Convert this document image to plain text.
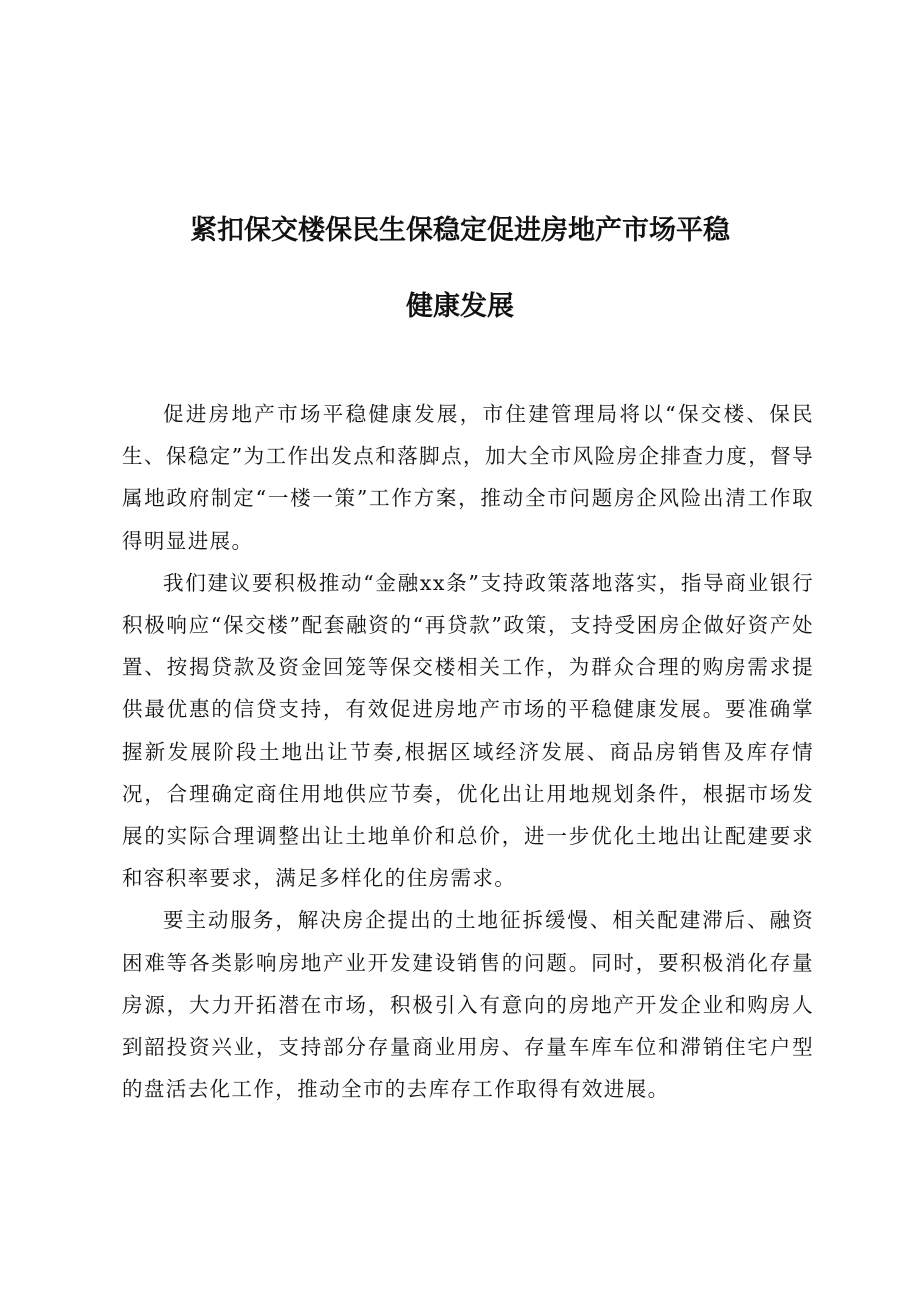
紧扣保交楼保民生保稳定促进房地产市场平稳
健康发展

促进房地产市场平稳健康发展，市住建管理局将以“保交楼、保民生、保稳定”为工作出发点和落脚点，加大全市风险房企排查力度，督导属地政府制定“一楼一策”工作方案，推动全市问题房企风险出清工作取得明显进展。

我们建议要积极推动“金融xx条”支持政策落地落实，指导商业银行积极响应“保交楼”配套融资的“再贷款”政策，支持受困房企做好资产处置、按揭贷款及资金回笼等保交楼相关工作，为群众合理的购房需求提供最优惠的信贷支持，有效促进房地产市场的平稳健康发展。要准确掌握新发展阶段土地出让节奏,根据区域经济发展、商品房销售及库存情况，合理确定商住用地供应节奏，优化出让用地规划条件，根据市场发展的实际合理调整出让土地单价和总价，进一步优化土地出让配建要求和容积率要求，满足多样化的住房需求。

要主动服务，解决房企提出的土地征拆缓慢、相关配建滞后、融资困难等各类影响房地产业开发建设销售的问题。同时，要积极消化存量房源，大力开拓潜在市场，积极引入有意向的房地产开发企业和购房人到韶投资兴业，支持部分存量商业用房、存量车库车位和滞销住宅户型的盘活去化工作，推动全市的去库存工作取得有效进展。
